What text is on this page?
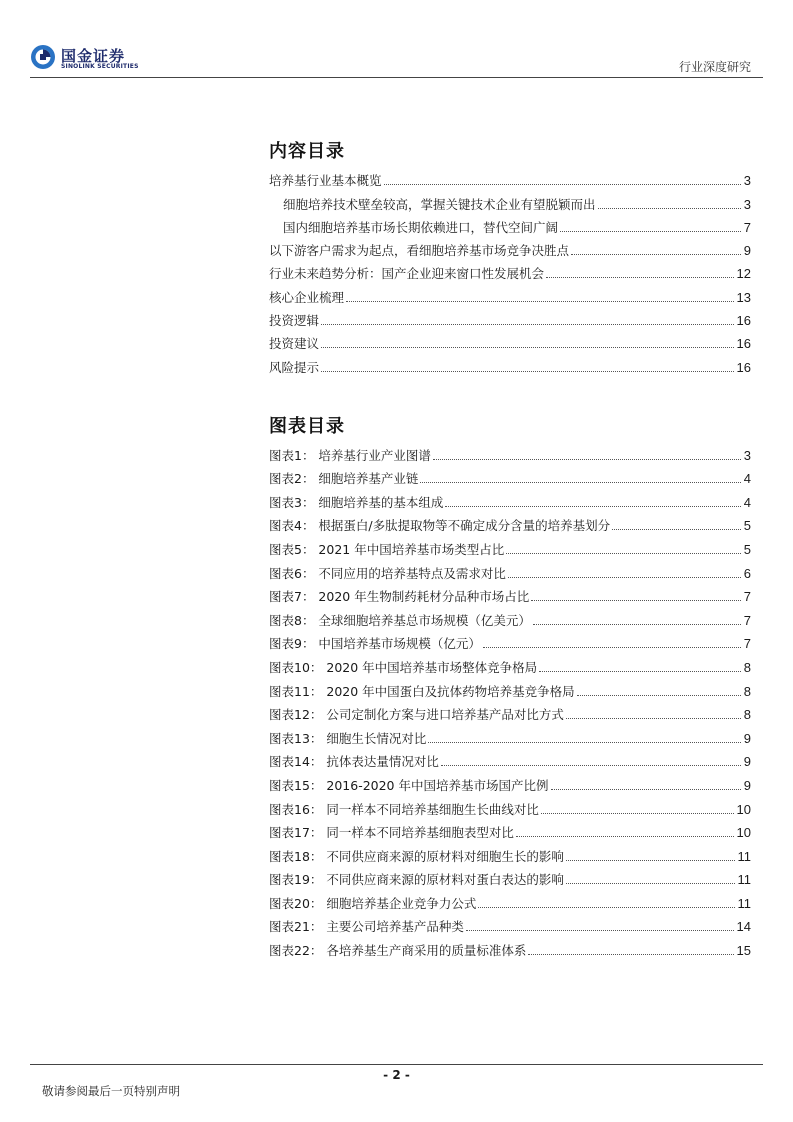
国金证券
SINOLINK SECURITIES	行业深度研究
内容目录
培养基行业基本概览	3
细胞培养技术壁垒较高，掌握关键技术企业有望脱颖而出	3
国内细胞培养基市场长期依赖进口，替代空间广阔	7
以下游客户需求为起点，看细胞培养基市场竞争决胜点	9
行业未来趋势分析：国产企业迎来窗口性发展机会	12
核心企业梳理	13
投资逻辑	16
投资建议	16
风险提示	16
图表目录
图表1： 培养基行业产业图谱	3
图表2： 细胞培养基产业链	4
图表3： 细胞培养基的基本组成	4
图表4： 根据蛋白/多肽提取物等不确定成分含量的培养基划分	5
图表5： 2021 年中国培养基市场类型占比	5
图表6： 不同应用的培养基特点及需求对比	6
图表7： 2020 年生物制药耗材分品种市场占比	7
图表8： 全球细胞培养基总市场规模（亿美元）	7
图表9： 中国培养基市场规模（亿元）	7
图表10： 2020 年中国培养基市场整体竞争格局	8
图表11： 2020 年中国蛋白及抗体药物培养基竞争格局	8
图表12： 公司定制化方案与进口培养基产品对比方式	8
图表13： 细胞生长情况对比	9
图表14： 抗体表达量情况对比	9
图表15： 2016-2020 年中国培养基市场国产比例	9
图表16： 同一样本不同培养基细胞生长曲线对比	10
图表17： 同一样本不同培养基细胞表型对比	10
图表18： 不同供应商来源的原材料对细胞生长的影响	11
图表19： 不同供应商来源的原材料对蛋白表达的影响	11
图表20： 细胞培养基企业竞争力公式	11
图表21： 主要公司培养基产品种类	14
图表22： 各培养基生产商采用的质量标准体系	15
- 2 -
敬请参阅最后一页特别声明
